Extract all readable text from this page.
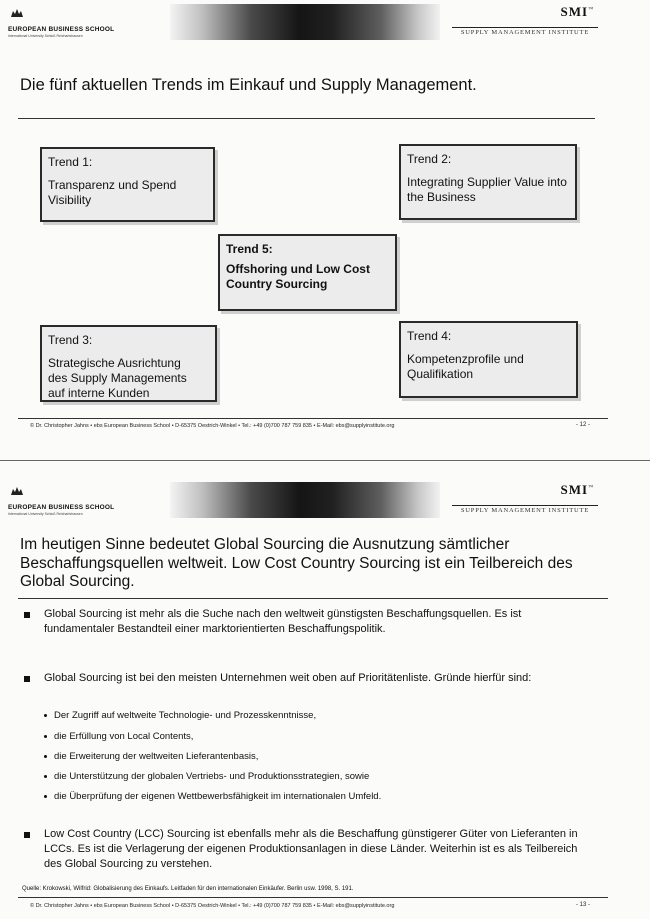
EUROPEAN BUSINESS SCHOOL
International University Schloß Reichartshausen
SMI™
SUPPLY MANAGEMENT INSTITUTE
Die fünf aktuellen Trends im Einkauf und Supply Management.
Trend 1:
Transparenz und Spend Visibility
Trend 2:
Integrating Supplier Value into the Business
Trend 5:
Offshoring und Low Cost Country Sourcing
Trend 3:
Strategische Ausrichtung des Supply Managements auf interne Kunden
Trend 4:
Kompetenzprofile und Qualifikation
© Dr. Christopher Jahns • ebs European Business School • D-65375 Oestrich-Winkel • Tel.: +49 (0)700 787 759 835 • E-Mail: ebs@supplyinstitute.org	- 12 -
EUROPEAN BUSINESS SCHOOL
International University Schloß Reichartshausen
SMI™
SUPPLY MANAGEMENT INSTITUTE
Im heutigen Sinne bedeutet Global Sourcing die Ausnutzung sämtlicher Beschaffungsquellen weltweit. Low Cost Country Sourcing ist ein Teilbereich des Global Sourcing.
Global Sourcing ist mehr als die Suche nach den weltweit günstigsten Beschaffungsquellen. Es ist fundamentaler Bestandteil einer marktorientierten Beschaffungspolitik.
Global Sourcing ist bei den meisten Unternehmen weit oben auf Prioritätenliste. Gründe hierfür sind:
Der Zugriff auf weltweite Technologie- und Prozesskenntnisse,
die Erfüllung von Local Contents,
die Erweiterung der weltweiten Lieferantenbasis,
die Unterstützung der globalen Vertriebs- und Produktionsstrategien, sowie
die Überprüfung der eigenen Wettbewerbsfähigkeit im internationalen Umfeld.
Low Cost Country (LCC) Sourcing ist ebenfalls mehr als die Beschaffung günstigerer Güter von Lieferanten in LCCs. Es ist die Verlagerung der eigenen Produktionsanlagen in diese Länder. Weiterhin ist es als Teilbereich des Global Sourcing zu verstehen.
Quelle: Krokowski, Wilfrid: Globalisierung des Einkaufs. Leitfaden für den internationalen Einkäufer. Berlin usw. 1998, S. 191.
© Dr. Christopher Jahns • ebs European Business School • D-65375 Oestrich-Winkel • Tel.: +49 (0)700 787 759 835 • E-Mail: ebs@supplyinstitute.org	- 13 -
